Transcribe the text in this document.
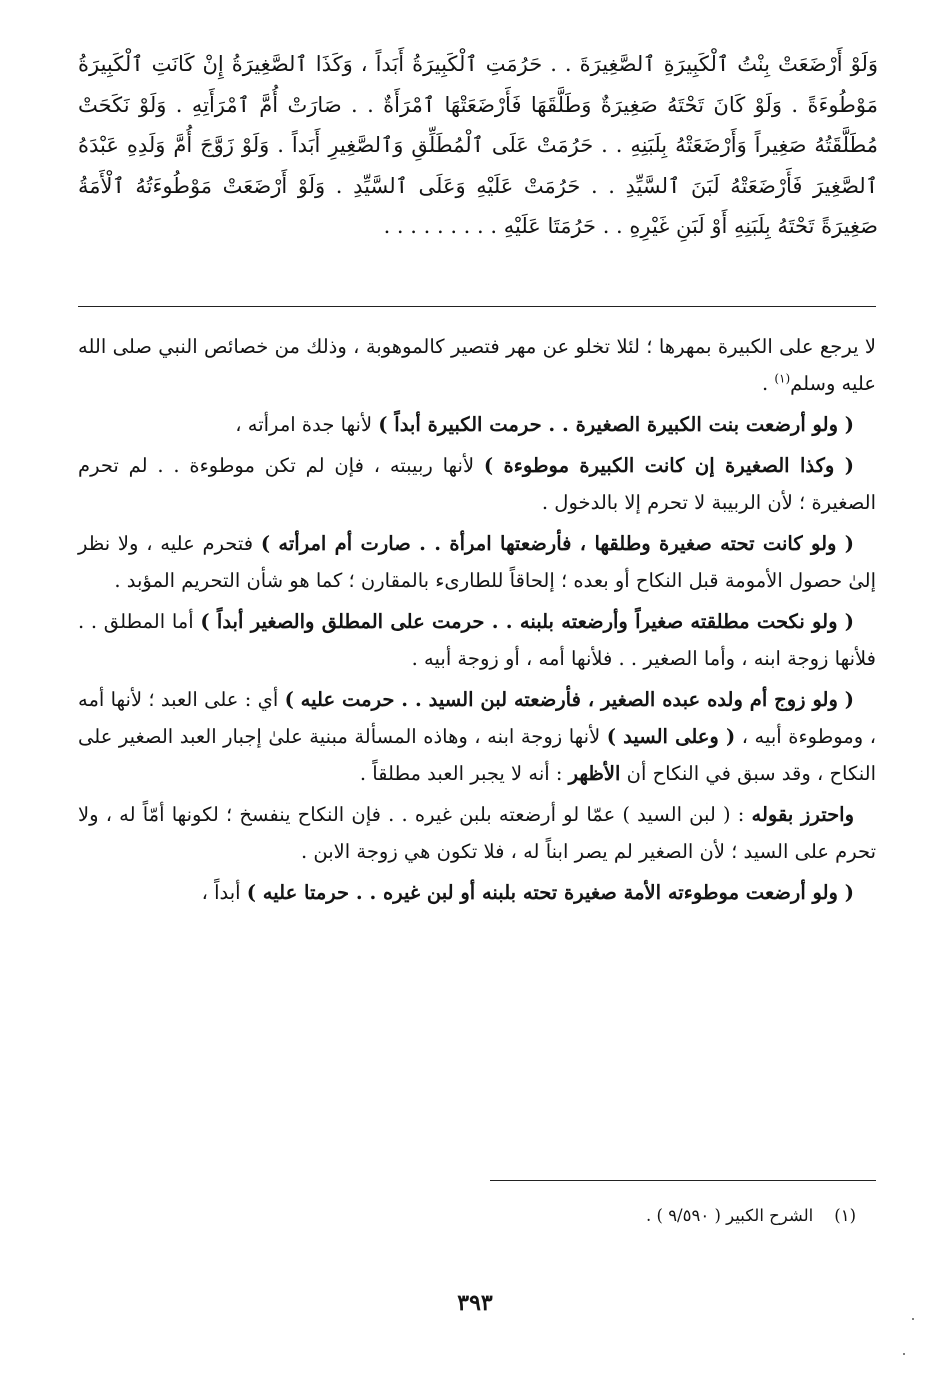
وَلَوْ أَرْضَعَتْ بِنْتُ ٱلْكَبِيرَةِ ٱلصَّغِيرَةَ . . حَرُمَتِ ٱلْكَبِيرَةُ أَبَداً ، وَكَذَا ٱلصَّغِيرَةُ إِنْ كَانَتِ ٱلْكَبِيرَةُ مَوْطُوءَةً . وَلَوْ كَانَ تَحْتَهُ صَغِيرَةٌ وَطَلَّقَهَا فَأَرْضَعَتْهَا ٱمْرَأَةٌ . . صَارَتْ أُمَّ ٱمْرَأَتِهِ . وَلَوْ نَكَحَتْ مُطَلَّقَتُهُ صَغِيراً وَأَرْضَعَتْهُ بِلَبَنِهِ . . حَرُمَتْ عَلَى ٱلْمُطَلِّقِ وَٱلصَّغِيرِ أَبَداً . وَلَوْ زَوَّجَ أُمَّ وَلَدِهِ عَبْدَهُ ٱلصَّغِيرَ فَأَرْضَعَتْهُ لَبَنَ ٱلسَّيِّدِ . . حَرُمَتْ عَلَيْهِ وَعَلَى ٱلسَّيِّدِ . وَلَوْ أَرْضَعَتْ مَوْطُوءَتُهُ ٱلْأَمَةُ صَغِيرَةً تَحْتَهُ بِلَبَنِهِ أَوْ لَبَنِ غَيْرِهِ . . حَرُمَتَا عَلَيْهِ . . . . . . . . .

لا يرجع على الكبيرة بمهرها ؛ لئلا تخلو عن مهر فتصير كالموهوبة ، وذلك من خصائص النبي صلى الله عليه وسلم$^{(١)}$ .

( ولو أرضعت بنت الكبيرة الصغيرة . . حرمت الكبيرة أبداً ) لأنها جدة امرأته ،

( وكذا الصغيرة إن كانت الكبيرة موطوءة ) لأنها ربيبته ، فإن لم تكن موطوءة . . لم تحرم الصغيرة ؛ لأن الربيبة لا تحرم إلا بالدخول .

( ولو كانت تحته صغيرة وطلقها ، فأرضعتها امرأة . . صارت أم امرأته ) فتحرم عليه ، ولا نظر إلىٰ حصول الأمومة قبل النكاح أو بعده ؛ إلحاقاً للطارىء بالمقارن ؛ كما هو شأن التحريم المؤبد .

( ولو نكحت مطلقته صغيراً وأرضعته بلبنه . . حرمت على المطلق والصغير أبداً ) أما المطلق . . فلأنها زوجة ابنه ، وأما الصغير . . فلأنها أمه ، أو زوجة أبيه .

( ولو زوج أم ولده عبده الصغير ، فأرضعته لبن السيد . . حرمت عليه ) أي : على العبد ؛ لأنها أمه ، وموطوءة أبيه ، ( وعلى السيد ) لأنها زوجة ابنه ، وهاذه المسألة مبنية علىٰ إجبار العبد الصغير على النكاح ، وقد سبق في النكاح أن الأظهر : أنه لا يجبر العبد مطلقاً .

واحترز بقوله : ( لبن السيد ) عمّا لو أرضعته بلبن غيره . . فإن النكاح ينفسخ ؛ لكونها أمّاً له ، ولا تحرم على السيد ؛ لأن الصغير لم يصر ابناً له ، فلا تكون هي زوجة الابن .

( ولو أرضعت موطوءته الأمة صغيرة تحته بلبنه أو لبن غيره . . حرمتا عليه ) أبداً ،

(١)    الشرح الكبير ( ٩/٥٩٠ ) .
٣٩٣
